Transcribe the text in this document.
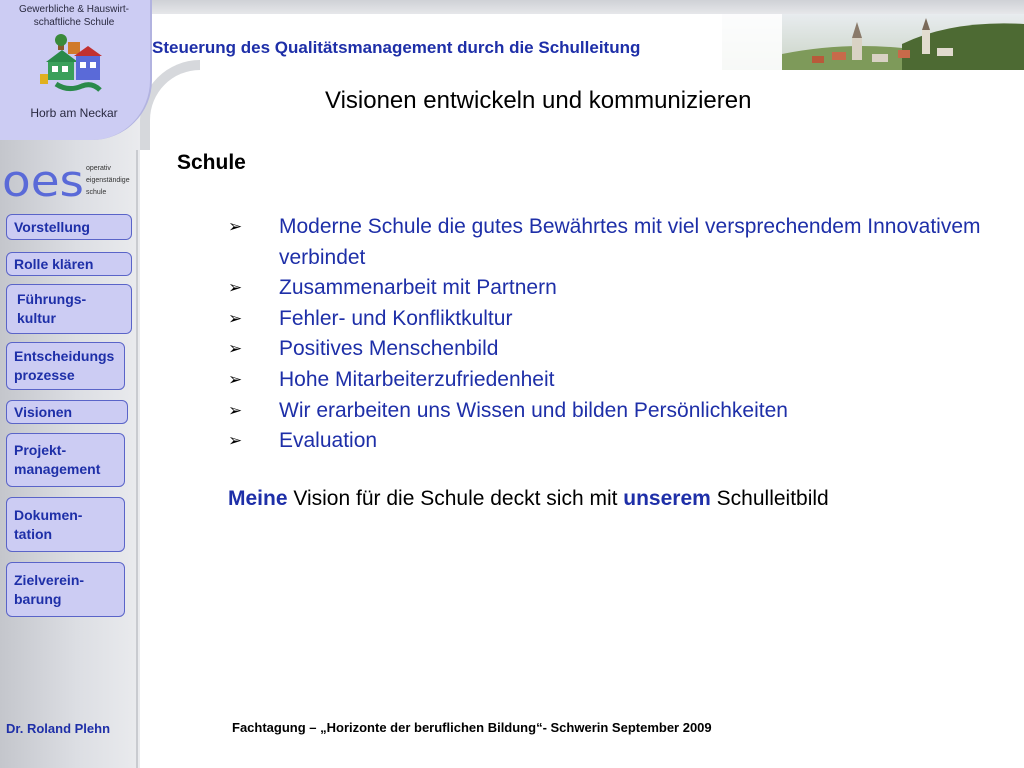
Gewerbliche & Hauswirt-
schaftliche Schule
Horb am Neckar
Steuerung des Qualitätsmanagement durch die Schulleitung
oes operativ
eigenständige
schule
Vorstellung
Rolle klären
Führungs-
kultur
Entscheidungs
prozesse
Visionen
Projekt-
management
Dokumen-
tation
Zielverein-
barung
Visionen entwickeln und kommunizieren
Schule
➢ Moderne Schule die gutes Bewährtes mit viel versprechendem Innovativem verbindet
➢ Zusammenarbeit mit Partnern
➢ Fehler- und Konfliktkultur
➢ Positives Menschenbild
➢ Hohe Mitarbeiterzufriedenheit
➢ Wir erarbeiten uns Wissen und bilden Persönlichkeiten
➢ Evaluation
Meine Vision für die Schule deckt sich mit unserem Schulleitbild
Dr. Roland Plehn	Fachtagung – „Horizonte der beruflichen Bildung“- Schwerin September 2009
